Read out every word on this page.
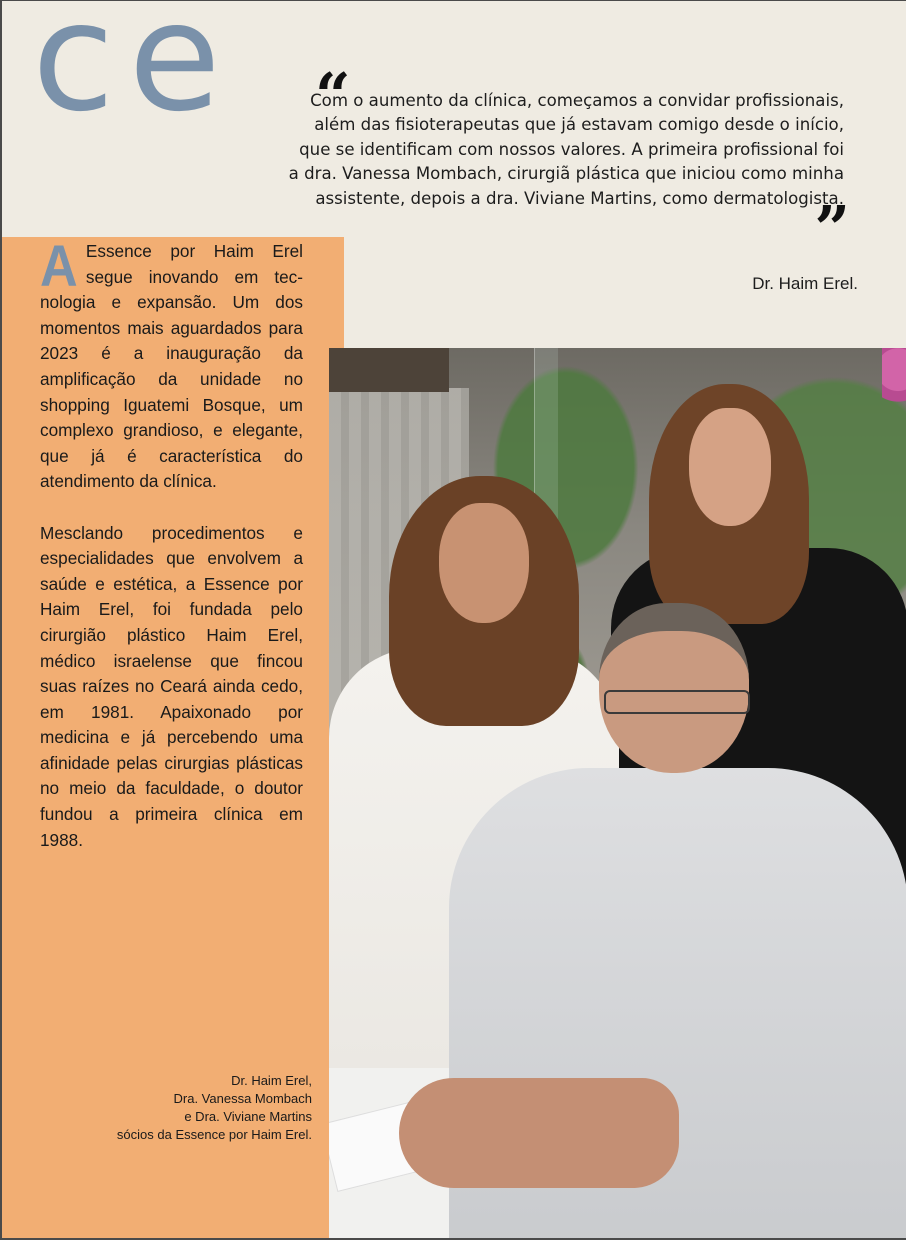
ce “
Com o aumento da clínica, começamos a convidar profissionais, além das fisioterapeutas que já estavam comigo desde o início, que se identificam com nossos valores. A primeira profissional foi a dra. Vanessa Mombach, cirurgiã plástica que iniciou como minha assistente, depois a dra. Viviane Martins, como dermatologista.”
Dr. Haim Erel.

A Essence por Haim Erel segue inovando em tecnologia e expansão. Um dos momentos mais aguardados para 2023 é a inauguração da amplificação da unidade no shopping Iguatemi Bosque, um complexo grandioso, e elegante, que já é característica do atendimento da clínica.

Mesclando procedimentos e especialidades que envolvem a saúde e estética, a Essence por Haim Erel, foi fundada pelo cirurgião plástico Haim Erel, médico israelense que fincou suas raízes no Ceará ainda cedo, em 1981. Apaixonado por medicina e já percebendo uma afinidade pelas cirurgias plásticas no meio da faculdade, o doutor fundou a primeira clínica em 1988.

Dr. Haim Erel,
Dra. Vanessa Mombach
e Dra. Viviane Martins
sócios da Essence por Haim Erel.
